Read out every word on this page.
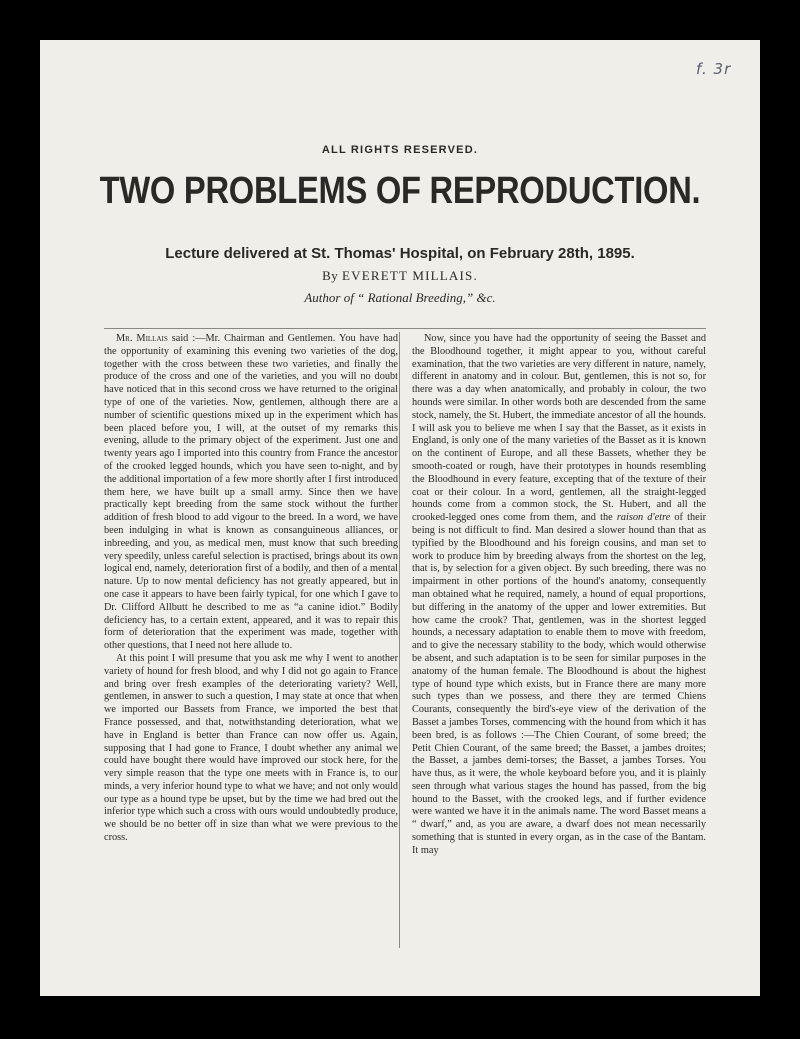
f. 3r
ALL RIGHTS RESERVED.
TWO PROBLEMS OF REPRODUCTION.
Lecture delivered at St. Thomas' Hospital, on February 28th, 1895.
By EVERETT MILLAIS.
Author of “ Rational Breeding,” &c.

Mr. Millais said :—Mr. Chairman and Gentlemen. You have had the opportunity of examining this evening two varieties of the dog, together with the cross between these two varieties, and finally the produce of the cross and one of the varieties, and you will no doubt have noticed that in this second cross we have returned to the original type of one of the varieties. Now, gentlemen, although there are a number of scientific questions mixed up in the experiment which has been placed before you, I will, at the outset of my remarks this evening, allude to the primary object of the experiment. Just one and twenty years ago I imported into this country from France the ancestor of the crooked legged hounds, which you have seen to-night, and by the additional importation of a few more shortly after I first introduced them here, we have built up a small army. Since then we have practically kept breeding from the same stock without the further addition of fresh blood to add vigour to the breed. In a word, we have been indulging in what is known as consanguineous alliances, or inbreeding, and you, as medical men, must know that such breeding very speedily, unless careful selection is practised, brings about its own logical end, namely, deterioration first of a bodily, and then of a mental nature. Up to now mental deficiency has not greatly appeared, but in one case it appears to have been fairly typical, for one which I gave to Dr. Clifford Allbutt he described to me as “a canine idiot.” Bodily deficiency has, to a certain extent, appeared, and it was to repair this form of deterioration that the experiment was made, together with other questions, that I need not here allude to.

At this point I will presume that you ask me why I went to another variety of hound for fresh blood, and why I did not go again to France and bring over fresh examples of the deteriorating variety? Well, gentlemen, in answer to such a question, I may state at once that when we imported our Bassets from France, we imported the best that France possessed, and that, notwithstanding deterioration, what we have in England is better than France can now offer us. Again, supposing that I had gone to France, I doubt whether any animal we could have bought there would have improved our stock here, for the very simple reason that the type one meets with in France is, to our minds, a very inferior hound type to what we have; and not only would our type as a hound type be upset, but by the time we had bred out the inferior type which such a cross with ours would undoubtedly produce, we should be no better off in size than what we were previous to the cross.

Now, since you have had the opportunity of seeing the Basset and the Bloodhound together, it might appear to you, without careful examination, that the two varieties are very different in nature, namely, different in anatomy and in colour. But, gentlemen, this is not so, for there was a day when anatomically, and probably in colour, the two hounds were similar. In other words both are descended from the same stock, namely, the St. Hubert, the immediate ancestor of all the hounds. I will ask you to believe me when I say that the Basset, as it exists in England, is only one of the many varieties of the Basset as it is known on the continent of Europe, and all these Bassets, whether they be smooth-coated or rough, have their prototypes in hounds resembling the Bloodhound in every feature, excepting that of the texture of their coat or their colour. In a word, gentlemen, all the straight-legged hounds come from a common stock, the St. Hubert, and all the crooked-legged ones come from them, and the raison d'etre of their being is not difficult to find. Man desired a slower hound than that as typified by the Bloodhound and his foreign cousins, and man set to work to produce him by breeding always from the shortest on the leg, that is, by selection for a given object. By such breeding, there was no impairment in other portions of the hound's anatomy, consequently man obtained what he required, namely, a hound of equal proportions, but differing in the anatomy of the upper and lower extremities. But how came the crook? That, gentlemen, was in the shortest legged hounds, a necessary adaptation to enable them to move with freedom, and to give the necessary stability to the body, which would otherwise be absent, and such adaptation is to be seen for similar purposes in the anatomy of the human female. The Bloodhound is about the highest type of hound type which exists, but in France there are many more such types than we possess, and there they are termed Chiens Courants, consequently the bird's-eye view of the derivation of the Basset a jambes Torses, commencing with the hound from which it has been bred, is as follows :—The Chien Courant, of some breed; the Petit Chien Courant, of the same breed; the Basset, a jambes droites; the Basset, a jambes demi-torses; the Basset, a jambes Torses. You have thus, as it were, the whole keyboard before you, and it is plainly seen through what various stages the hound has passed, from the big hound to the Basset, with the crooked legs, and if further evidence were wanted we have it in the animals name. The word Basset means a “ dwarf,” and, as you are aware, a dwarf does not mean necessarily something that is stunted in every organ, as in the case of the Bantam. It may
